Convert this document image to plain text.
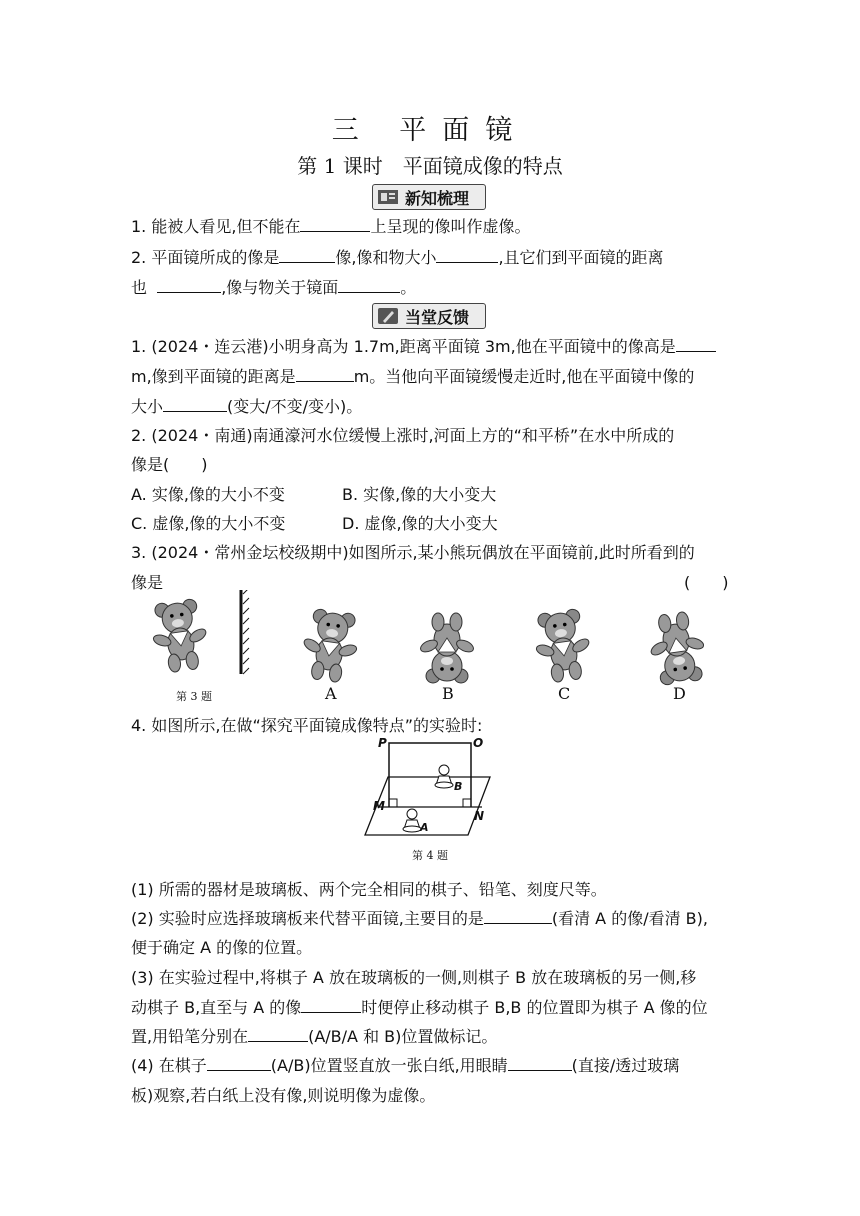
三 平面镜
第 1 课时　平面镜成像的特点
新知梳理
1. 能被人看见,但不能在	上呈现的像叫作虚像。
2. 平面镜所成的像是	像,像和物大小	,且它们到平面镜的距离
也	,像与物关于镜面	。
当堂反馈
1. (2024・连云港)小明身高为 1.7m,距离平面镜 3m,他在平面镜中的像高是
m,像到平面镜的距离是	m。当他向平面镜缓慢走近时,他在平面镜中像的
大小	(变大/不变/变小)。
2. (2024・南通)南通濠河水位缓慢上涨时,河面上方的“和平桥”在水中所成的
像是(　　)
A. 实像,像的大小不变	B. 实像,像的大小变大
C. 虚像,像的大小不变	D. 虚像,像的大小变大
3. (2024・常州金坛校级期中)如图所示,某小熊玩偶放在平面镜前,此时所看到的
像是	(　　)
第 3 题	A	B	C	D
4. 如图所示,在做“探究平面镜成像特点”的实验时:
P	O
M
N
A
B
第 4 题
(1) 所需的器材是玻璃板、两个完全相同的棋子、铅笔、刻度尺等。
(2) 实验时应选择玻璃板来代替平面镜,主要目的是	(看清 A 的像/看清 B),
便于确定 A 的像的位置。
(3) 在实验过程中,将棋子 A 放在玻璃板的一侧,则棋子 B 放在玻璃板的另一侧,移
动棋子 B,直至与 A 的像	时便停止移动棋子 B,B 的位置即为棋子 A 像的位
置,用铅笔分别在	(A/B/A 和 B)位置做标记。
(4) 在棋子	(A/B)位置竖直放一张白纸,用眼睛	(直接/透过玻璃
板)观察,若白纸上没有像,则说明像为虚像。
